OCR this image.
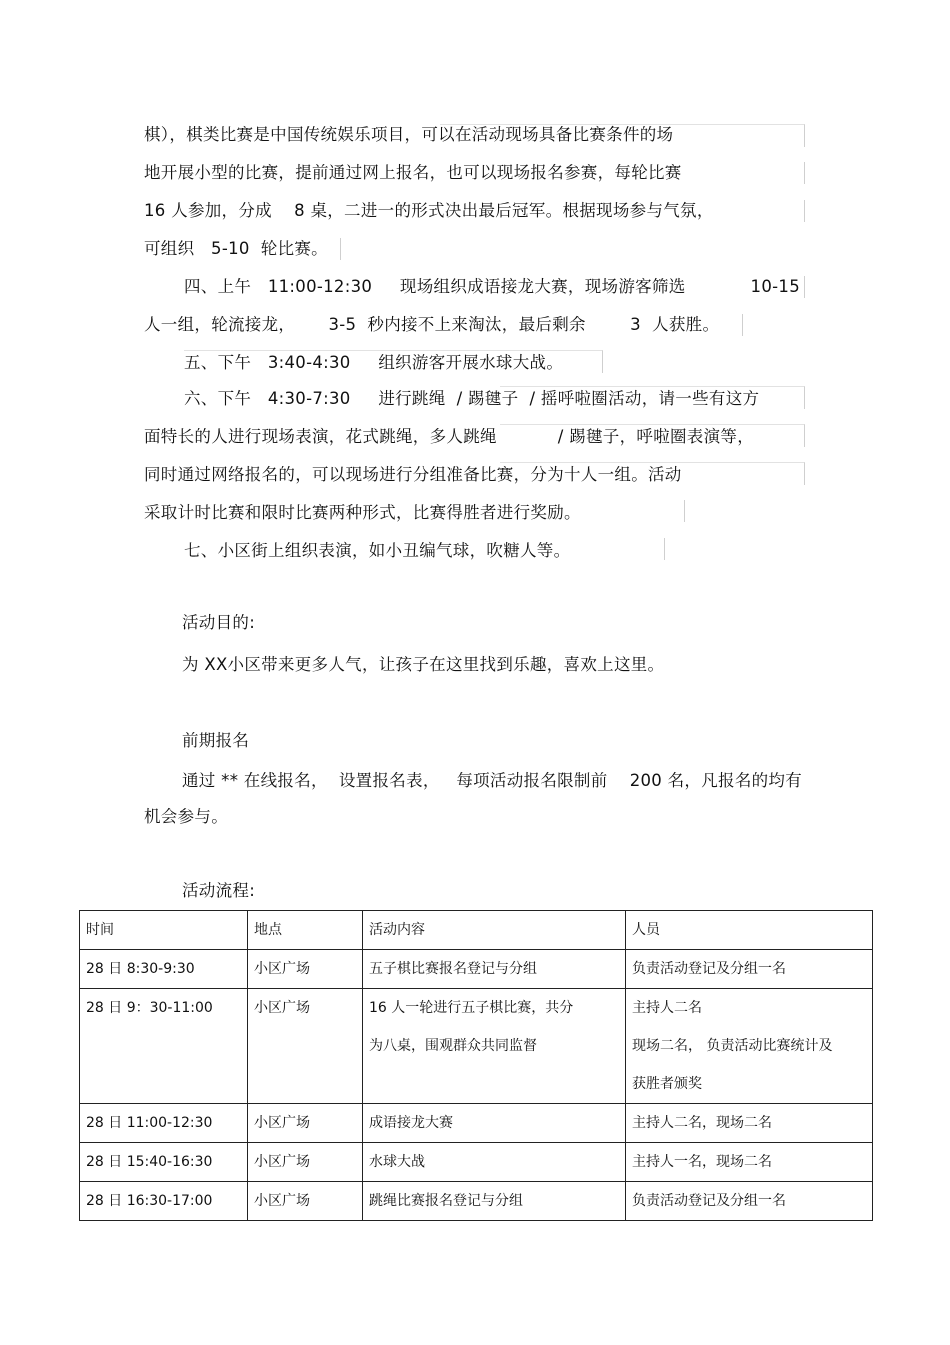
棋），棋类比赛是中国传统娱乐项目，可以在活动现场具备比赛条件的场
地开展小型的比赛，提前通过网上报名，也可以现场报名参赛，每轮比赛
16 人参加，分成    8 桌，二进一的形式决出最后冠军。根据现场参与气氛，
可组织   5-10  轮比赛。
四、上午   11:00-12:30     现场组织成语接龙大赛，现场游客筛选	10-15
人一组，轮流接龙，      3-5  秒内接不上来淘汰，最后剩余        3  人获胜。
五、下午   3:40-4:30     组织游客开展水球大战。
六、下午   4:30-7:30     进行跳绳  / 踢毽子  / 摇呼啦圈活动，请一些有这方
面特长的人进行现场表演，花式跳绳，多人跳绳           / 踢毽子，呼啦圈表演等，
同时通过网络报名的，可以现场进行分组准备比赛，分为十人一组。活动
采取计时比赛和限时比赛两种形式，比赛得胜者进行奖励。
七、小区街上组织表演，如小丑编气球，吹糖人等。
活动目的:
为 XX小区带来更多人气，让孩子在这里找到乐趣，喜欢上这里。
前期报名
通过 ** 在线报名，  设置报名表，   每项活动报名限制前    200 名，凡报名的均有
机会参与。
活动流程:
时间	地点	活动内容	人员
28 日 8:30-9:30	小区广场	五子棋比赛报名登记与分组	负责活动登记及分组一名
28 日 9：30-11:00	小区广场	16 人一轮进行五子棋比赛，共分
为八桌，围观群众共同监督	主持人二名
现场二名， 负责活动比赛统计及
获胜者颁奖

28 日 11:00-12:30	小区广场	成语接龙大赛	主持人二名，现场二名
28 日 15:40-16:30	小区广场	水球大战	主持人一名，现场二名
28 日 16:30-17:00	小区广场	跳绳比赛报名登记与分组	负责活动登记及分组一名
